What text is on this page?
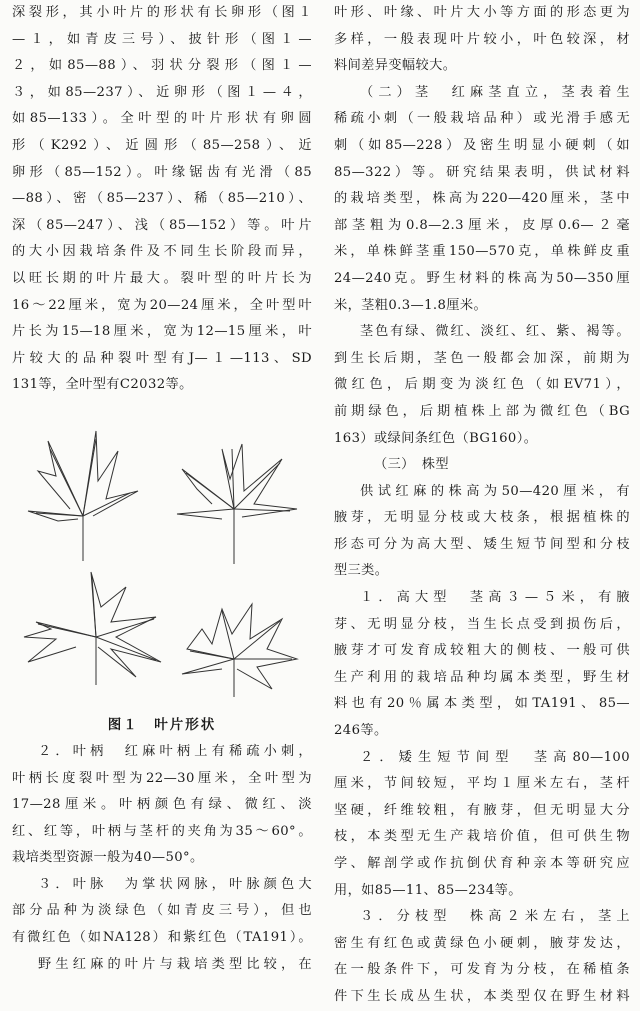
深裂形，其小叶片的形状有长卵形（图１
—１，如青皮三号）、披针形（图１—
２，如85—88）、羽状分裂形（图１—
３，如85—237）、近卵形（图１—４，
如85—133）。全叶型的叶片形状有卵圆
形（K292）、近圆形（85—258）、近
卵形（85—152）。叶缘锯齿有光滑（85
—88）、密（85—237）、稀（85—210）、
深（85—247）、浅（85—152）等。叶片
的大小因栽培条件及不同生长阶段而异，
以旺长期的叶片最大。裂叶型的叶片长为
16～22厘米，宽为20—24厘米，全叶型叶
片长为15—18厘米，宽为12—15厘米，叶
片较大的品种裂叶型有J—１—113、SD
131等，全叶型有C2032等。
图１　叶片形状
２．叶柄　红麻叶柄上有稀疏小刺，
叶柄长度裂叶型为22—30厘米，全叶型为
17—28厘米。叶柄颜色有绿、微红、淡
红、红等，叶柄与茎杆的夹角为35～60°。
栽培类型资源一般为40—50°。
３．叶脉　为掌状网脉，叶脉颜色大
部分品种为淡绿色（如青皮三号），但也
有微红色（如NA128）和紫红色（TA191）。
野生红麻的叶片与栽培类型比较，在
叶形、叶缘、叶片大小等方面的形态更为
多样，一般表现叶片较小，叶色较深，材
料间差异变幅较大。
（二）茎　红麻茎直立，茎表着生
稀疏小刺（一般栽培品种）或光滑手感无
刺（如85—228）及密生明显小硬刺（如
85—322）等。研究结果表明，供试材料
的栽培类型，株高为220—420厘米，茎中
部茎粗为0.8—2.3厘米，皮厚0.6—２毫
米，单株鲜茎重150—570克，单株鲜皮重
24—240克。野生材料的株高为50—350厘
米，茎粗0.3—1.8厘米。
茎色有绿、微红、淡红、红、紫、褐等。
到生长后期，茎色一般都会加深，前期为
微红色，后期变为淡红色（如EV71），
前期绿色，后期植株上部为微红色（BG
163）或绿间条红色（BG160）。
（三）　株型
供试红麻的株高为50—420厘米，有
腋芽，无明显分枝或大枝条，根据植株的
形态可分为高大型、矮生短节间型和分枝
型三类。
１．高大型　茎高３—５米，有腋
芽、无明显分枝，当生长点受到损伤后，
腋芽才可发育成较粗大的侧枝、一般可供
生产利用的栽培品种均属本类型，野生材
料也有20％属本类型，如TA191、85—
246等。
２．矮生短节间型　茎高80—100
厘米，节间较短，平均１厘米左右，茎杆
坚硬，纤维较粗，有腋芽，但无明显大分
枝，本类型无生产栽培价值，但可供生物
学、解剖学或作抗倒伏育种亲本等研究应
用，如85—11、85—234等。
３．分枝型　株高２米左右，茎上
密生有红色或黄绿色小硬刺，腋芽发达，
在一般条件下，可发育为分枝，在稀植条
件下生长成丛生状，本类型仅在野生材料
